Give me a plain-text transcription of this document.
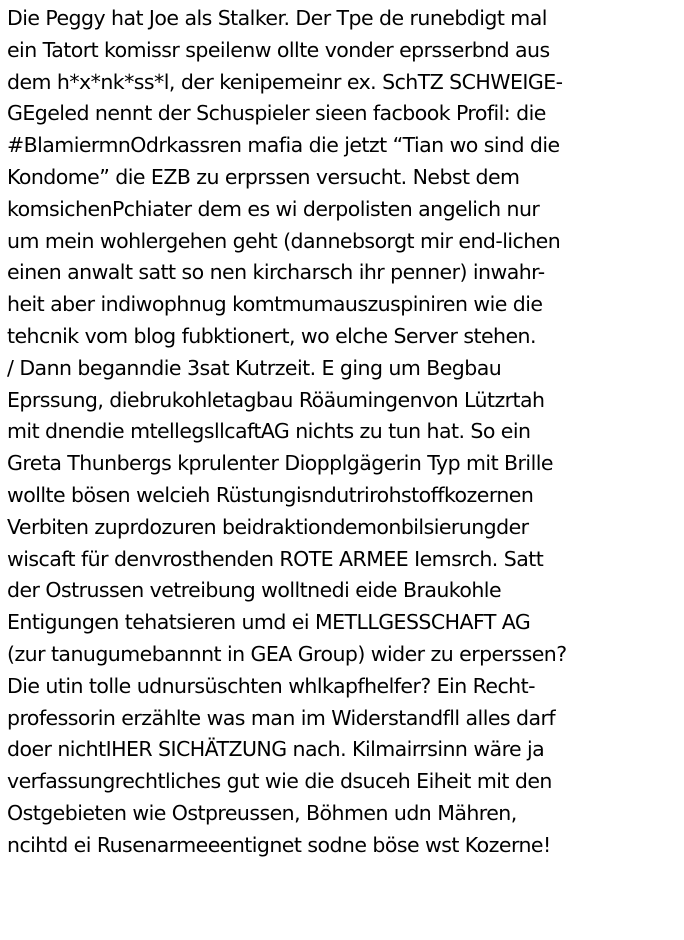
Die Peggy hat Joe als Stalker. Der Tpe de runebdigt mal
ein Tatort komissr speilenw ollte vonder eprsserbnd aus
dem h*x*nk*ss*l, der kenipemeinr ex. SchTZ SCHWEIGE-
GEgeled nennt der Schuspieler sieen facbook Profil: die
#BlamiermnOdrkassren mafia die jetzt “Tian wo sind die
Kondome” die EZB zu erprssen versucht. Nebst dem
komsichenPchiater dem es wi derpolisten angelich nur
um mein wohlergehen geht (dannebsorgt mir end-lichen
einen anwalt satt so nen kircharsch ihr penner) inwahr-
heit aber indiwophnug komtmumauszuspiniren wie die
tehcnik vom blog fubktionert, wo elche Server stehen.
/ Dann beganndie 3sat Kutrzeit. E ging um Begbau
Eprssung, diebrukohletagbau Röäumingenvon Lützrtah
mit dnendie mtellegsllcaftAG nichts zu tun hat. So ein
Greta Thunbergs kprulenter Diopplgägerin Typ mit Brille
wollte bösen welcieh Rüstungisndutrirohstoffkozernen
Verbiten zuprdozuren beidraktiondemonbilsierungder
wiscaft für denvrosthenden ROTE ARMEE Iemsrch. Satt
der Ostrussen vetreibung wolltnedi eide Braukohle
Entigungen tehatsieren umd ei METLLGESSCHAFT AG
(zur tanugumebannnt in GEA Group) wider zu erperssen?
Die utin tolle udnursüschten whlkapfhelfer? Ein Recht-
professorin erzählte was man im Widerstandfll alles darf
doer nichtIHER SICHÄTZUNG nach. Kilmairrsinn wäre ja
verfassungrechtliches gut wie die dsuceh Eiheit mit den
Ostgebieten wie Ostpreussen, Böhmen udn Mähren,
ncihtd ei Rusenarmeeentignet sodne böse wst Kozerne!
